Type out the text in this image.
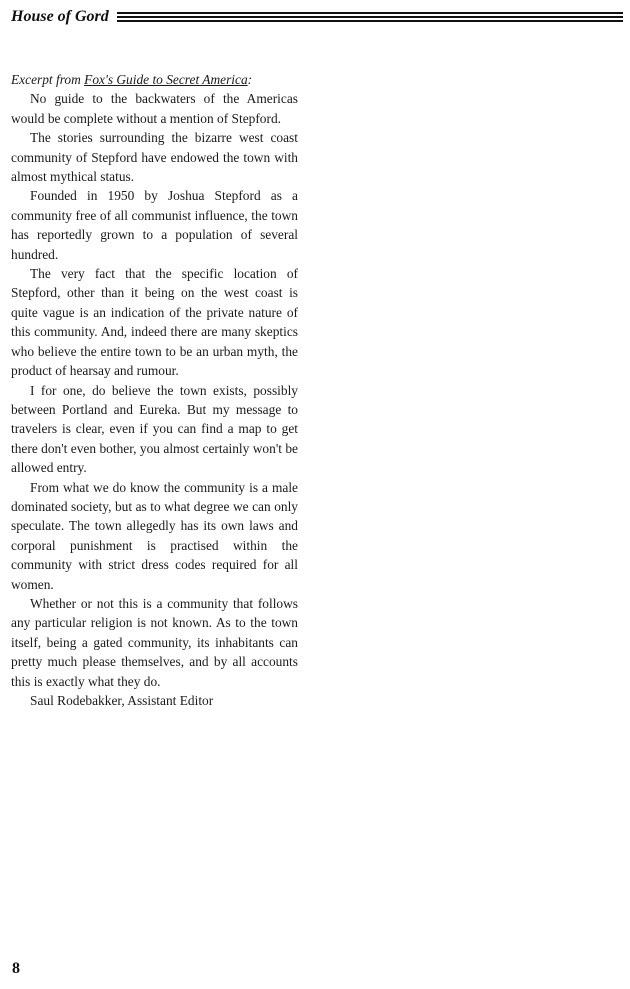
House of Gord

Excerpt from Fox's Guide to Secret America:

No guide to the backwaters of the Americas would be complete without a mention of Stepford.

The stories surrounding the bizarre west coast community of Stepford have endowed the town with almost mythical status.

Founded in 1950 by Joshua Stepford as a community free of all communist influence, the town has reportedly grown to a population of several hundred.

The very fact that the specific location of Stepford, other than it being on the west coast is quite vague is an indication of the private nature of this community. And, indeed there are many skeptics who believe the entire town to be an urban myth, the product of hearsay and rumour.

I for one, do believe the town exists, possibly between Portland and Eureka. But my message to travelers is clear, even if you can find a map to get there don't even bother, you almost certainly won't be allowed entry.

From what we do know the community is a male dominated society, but as to what degree we can only speculate. The town allegedly has its own laws and corporal punishment is practised within the community with strict dress codes required for all women.

Whether or not this is a community that follows any particular religion is not known. As to the town itself, being a gated community, its inhabitants can pretty much please themselves, and by all accounts this is exactly what they do.

Saul Rodebakker, Assistant Editor

8
